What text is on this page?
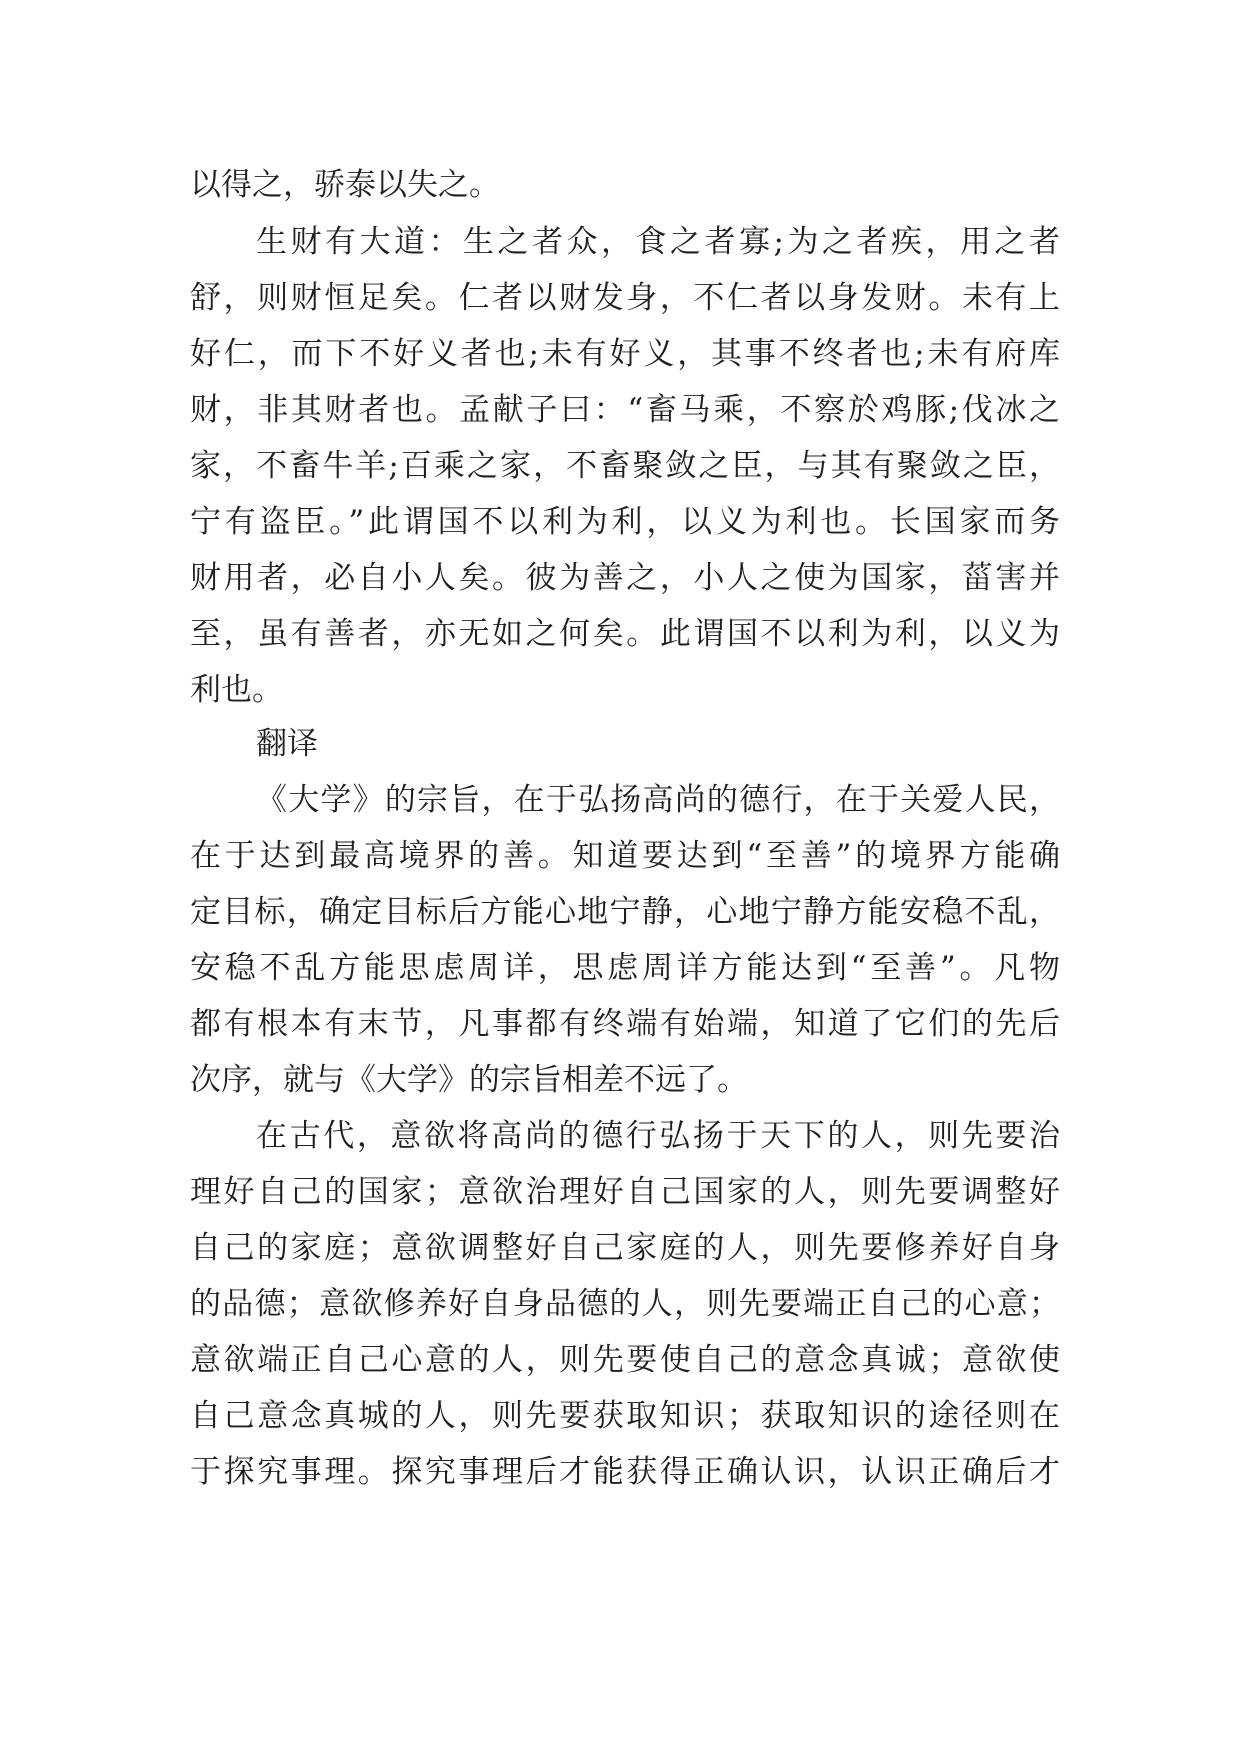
以得之，骄泰以失之。
生财有大道：生之者众，食之者寡;为之者疾，用之者
舒，则财恒足矣。仁者以财发身，不仁者以身发财。未有上
好仁，而下不好义者也;未有好义，其事不终者也;未有府库
财，非其财者也。孟献子曰：“畜马乘，不察於鸡豚;伐冰之
家，不畜牛羊;百乘之家，不畜聚敛之臣，与其有聚敛之臣，
宁有盗臣。”此谓国不以利为利，以义为利也。长国家而务
财用者，必自小人矣。彼为善之，小人之使为国家，菑害并
至，虽有善者，亦无如之何矣。此谓国不以利为利，以义为
利也。
翻译
《大学》的宗旨，在于弘扬高尚的德行，在于关爱人民，
在于达到最高境界的善。知道要达到“至善”的境界方能确
定目标，确定目标后方能心地宁静，心地宁静方能安稳不乱，
安稳不乱方能思虑周详，思虑周详方能达到“至善”。凡物
都有根本有末节，凡事都有终端有始端，知道了它们的先后
次序，就与《大学》的宗旨相差不远了。
在古代，意欲将高尚的德行弘扬于天下的人，则先要治
理好自己的国家；意欲治理好自己国家的人，则先要调整好
自己的家庭；意欲调整好自己家庭的人，则先要修养好自身
的品德；意欲修养好自身品德的人，则先要端正自己的心意；
意欲端正自己心意的人，则先要使自己的意念真诚；意欲使
自己意念真城的人，则先要获取知识；获取知识的途径则在
于探究事理。探究事理后才能获得正确认识，认识正确后才
